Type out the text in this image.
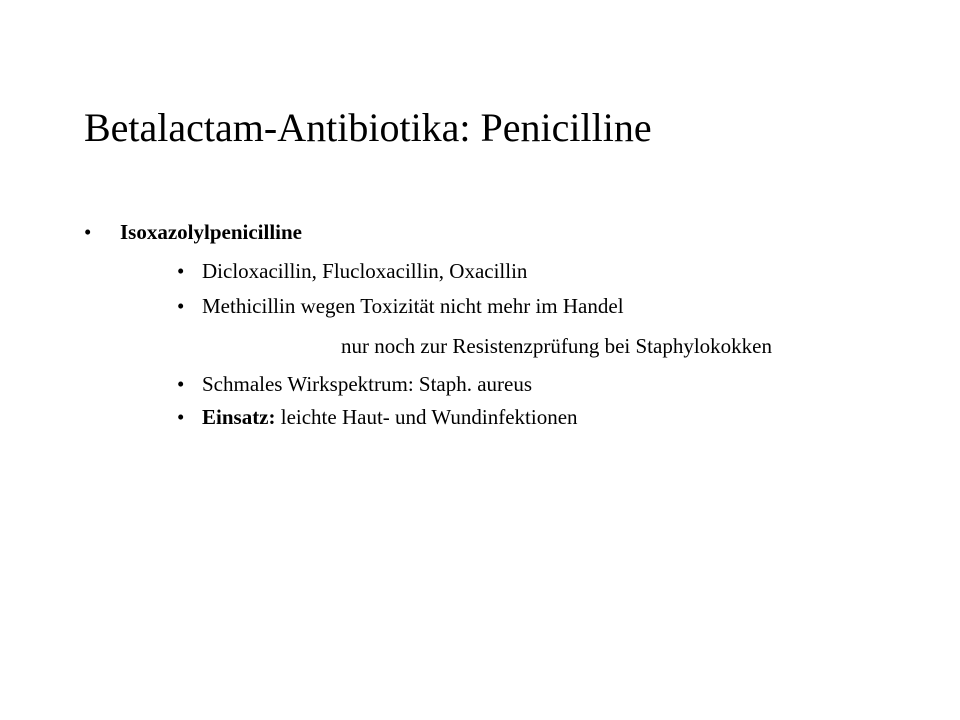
Betalactam-Antibiotika: Penicilline
• Isoxazolylpenicilline
• Dicloxacillin, Flucloxacillin, Oxacillin
• Methicillin wegen Toxizität nicht mehr im Handel
nur noch zur Resistenzprüfung bei Staphylokokken
• Schmales Wirkspektrum: Staph. aureus
• Einsatz: leichte Haut- und Wundinfektionen
